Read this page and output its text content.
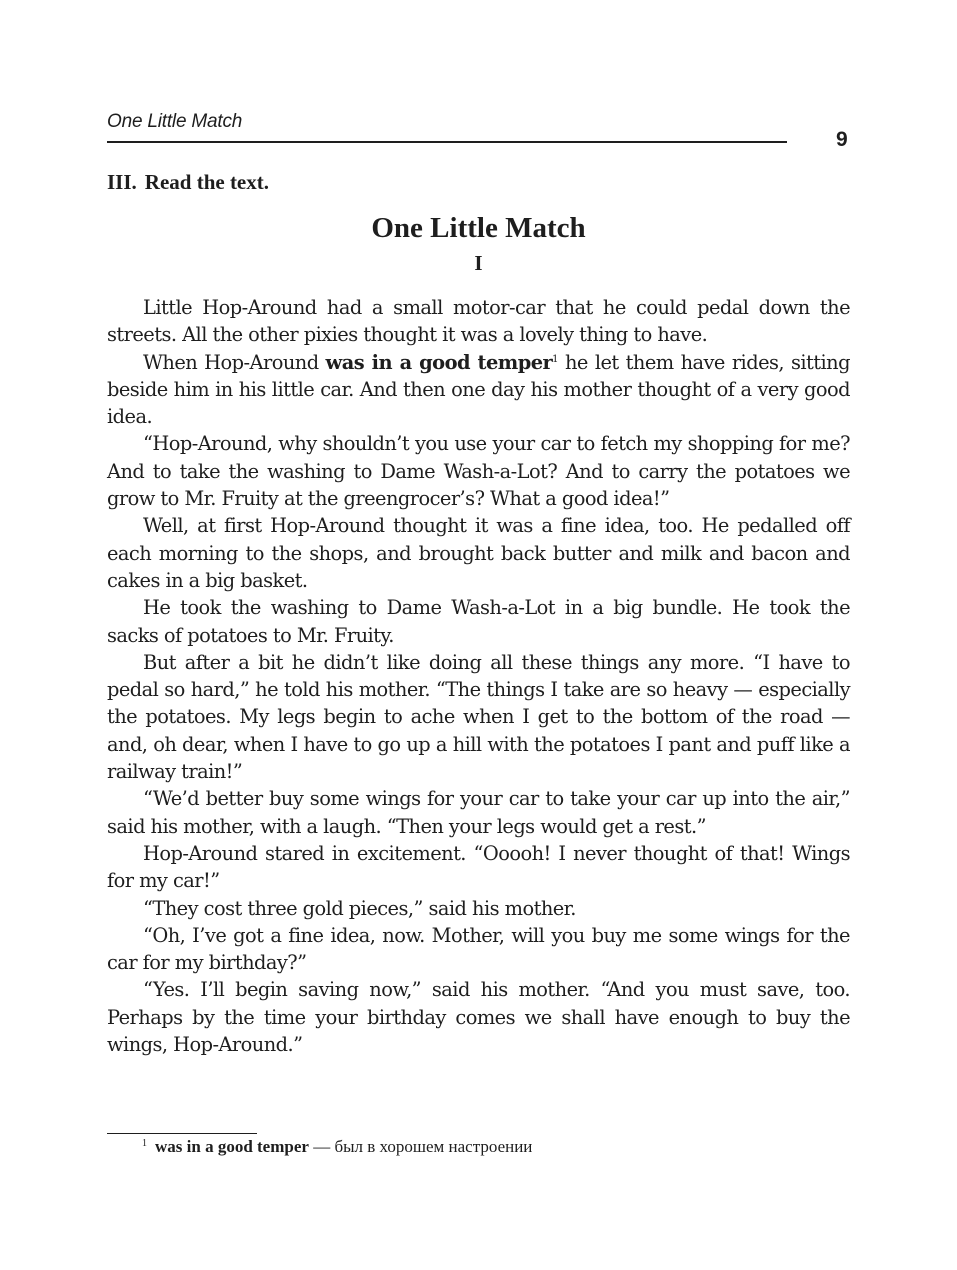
One Little Match
9
III. Read the text.
One Little Match
I

Little Hop-Around had a small motor-car that he could pedal down the streets. All the other pixies thought it was a lovely thing to have.

When Hop-Around was in a good temper$^1$ he let them have rides, sitting beside him in his little car. And then one day his mother thought of a very good idea.

“Hop-Around, why shouldn’t you use your car to fetch my shopping for me? And to take the washing to Dame Wash-a-Lot? And to carry the potatoes we grow to Mr. Fruity at the greengrocer’s? What a good idea!”

Well, at first Hop-Around thought it was a fine idea, too. He pedalled off each morning to the shops, and brought back butter and milk and bacon and cakes in a big basket.

He took the washing to Dame Wash-a-Lot in a big bundle. He took the sacks of potatoes to Mr. Fruity.

But after a bit he didn’t like doing all these things any more. “I have to pedal so hard,” he told his mother. “The things I take are so heavy — especially the potatoes. My legs begin to ache when I get to the bottom of the road — and, oh dear, when I have to go up a hill with the potatoes I pant and puff like a railway train!”

“We’d better buy some wings for your car to take your car up into the air,” said his mother, with a laugh. “Then your legs would get a rest.”

Hop-Around stared in excitement. “Ooooh! I never thought of that! Wings for my car!”

“They cost three gold pieces,” said his mother.

“Oh, I’ve got a fine idea, now. Mother, will you buy me some wings for the car for my birthday?”

“Yes. I’ll begin saving now,” said his mother. “And you must save, too. Perhaps by the time your birthday comes we shall have enough to buy the wings, Hop-Around.”

$^1$ was in a good temper — был в хорошем настроении
